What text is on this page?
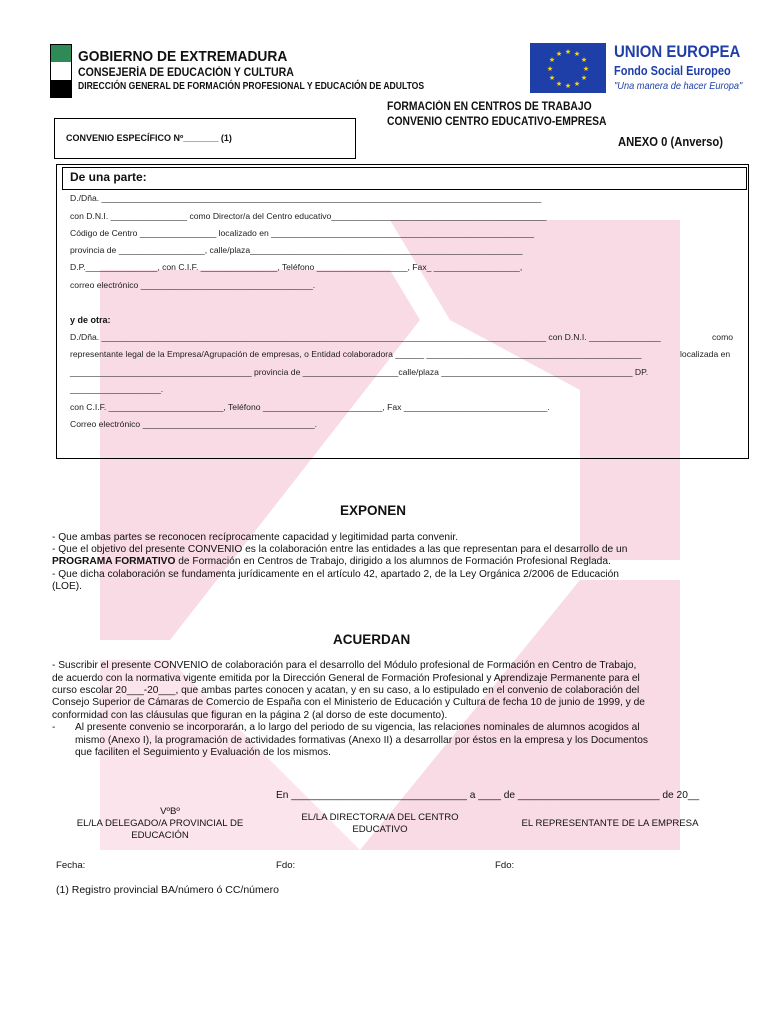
GOBIERNO DE EXTREMADURA
CONSEJERÍA DE EDUCACIÓN Y CULTURA
DIRECCIÓN GENERAL DE FORMACIÓN PROFESIONAL Y EDUCACIÓN DE ADULTOS
★ ★
★
★
★
★
★
★
★
★
★
★	UNION EUROPEA
Fondo Social Europeo
"Una manera de hacer Europa"
FORMACIÓN EN CENTROS DE TRABAJO
CONVENIO CENTRO EDUCATIVO-EMPRESA
CONVENIO ESPECÍFICO Nº_______ (1)	ANEXO 0 (Anverso)
De una parte:
D./Dña. ____________________________________________________________________________________________
con D.N.I. ________________ como Director/a del Centro educativo_____________________________________________
Código de Centro ________________ localizado en _______________________________________________________
provincia de __________________, calle/plaza_________________________________________________________
D.P._______________, con C.I.F. ________________, Teléfono ___________________, Fax_ __________________,
correo electrónico ____________________________________.
y de otra:
D./Dña. _____________________________________________________________________________________________ con D.N.I. _______________	como
representante legal de la Empresa/Agrupación de empresas, o Entidad colaboradora ______ _____________________________________________	localizada en
______________________________________ provincia de ____________________calle/plaza ________________________________________ DP.
___________________.
con C.I.F. ________________________, Teléfono _________________________, Fax ______________________________.
Correo electrónico ____________________________________.
EXPONEN
- Que ambas partes se reconocen recíprocamente capacidad y legitimidad parta convenir.
- Que el objetivo del presente CONVENIO es la colaboración entre las entidades a las que representan para el desarrollo de un
PROGRAMA FORMATIVO de Formación en Centros de Trabajo, dirigido a los alumnos de Formación Profesional Reglada.
- Que dicha colaboración se fundamenta jurídicamente en el artículo 42, apartado 2, de la Ley Orgánica 2/2006 de Educación
(LOE).
ACUERDAN
- Suscribir el presente CONVENIO de colaboración para el desarrollo del Módulo profesional de Formación en Centro de Trabajo,
de acuerdo con la normativa vigente emitida por la Dirección General de Formación Profesional y Aprendizaje Permanente para el
curso escolar 20___-20___, que ambas partes conocen y acatan, y en su caso, a lo estipulado en el convenio de colaboración del
Consejo Superior de Cámaras de Comercio de España con el Ministerio de Educación y Cultura de fecha 10 de junio de 1999, y de
conformidad con las cláusulas que figuran en la página 2 (al dorso de este documento).
- Al presente convenio se incorporarán, a lo largo del periodo de su vigencia, las relaciones nominales de alumnos acogidos al
mismo (Anexo I), la programación de actividades formativas (Anexo II) a desarrollar por éstos en la empresa y los Documentos
que faciliten el Seguimiento y Evaluación de los mismos.
En _______________________________ a ____ de _________________________ de 20__
VºBº
EL/LA DELEGADO/A PROVINCIAL DE
EDUCACIÓN
EL/LA DIRECTORA/A DEL CENTRO
EDUCATIVO	EL REPRESENTANTE DE LA EMPRESA
Fecha:	Fdo:	Fdo:
(1) Registro provincial BA/número ó CC/número
